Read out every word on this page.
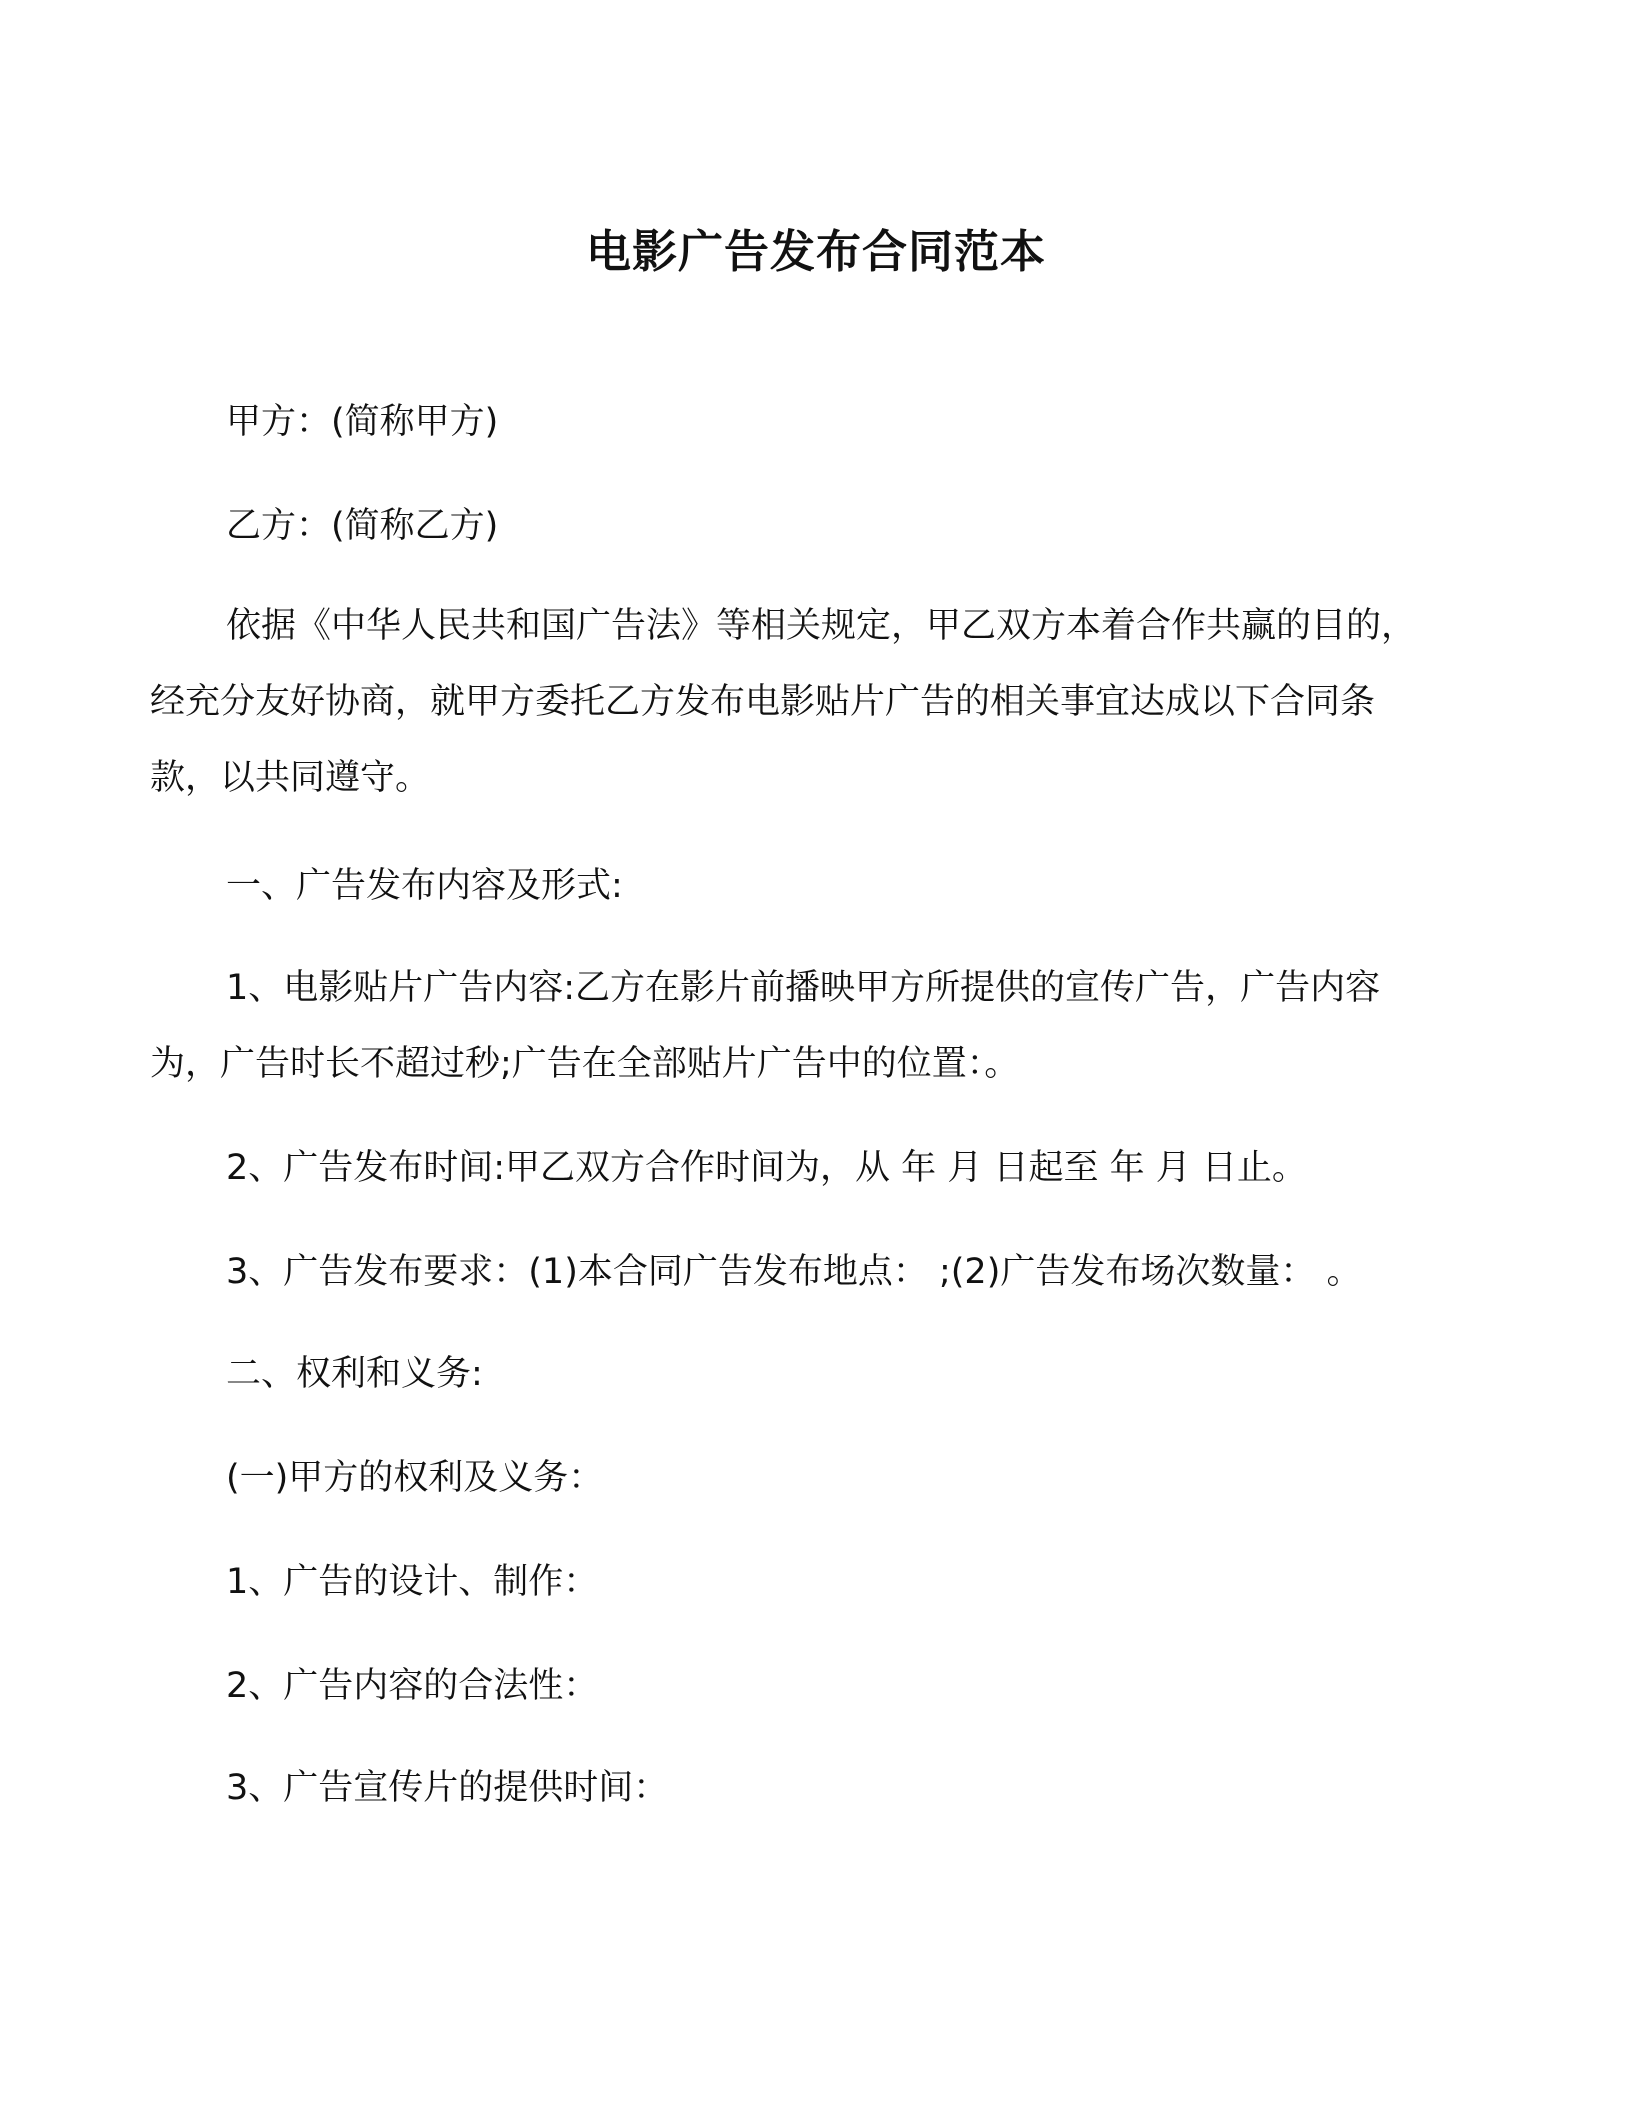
电影广告发布合同范本
甲方：(简称甲方)
乙方：(简称乙方)
依据《中华人民共和国广告法》等相关规定，甲乙双方本着合作共赢的目的，
经充分友好协商，就甲方委托乙方发布电影贴片广告的相关事宜达成以下合同条
款，以共同遵守。
一、广告发布内容及形式:
1、电影贴片广告内容:乙方在影片前播映甲方所提供的宣传广告，广告内容
为，广告时长不超过秒;广告在全部贴片广告中的位置：。
2、广告发布时间:甲乙双方合作时间为，从 年 月 日起至 年 月 日止。
3、广告发布要求：(1)本合同广告发布地点： ;(2)广告发布场次数量： 。
二、权利和义务:
(一)甲方的权利及义务：
1、广告的设计、制作：
2、广告内容的合法性：
3、广告宣传片的提供时间：
